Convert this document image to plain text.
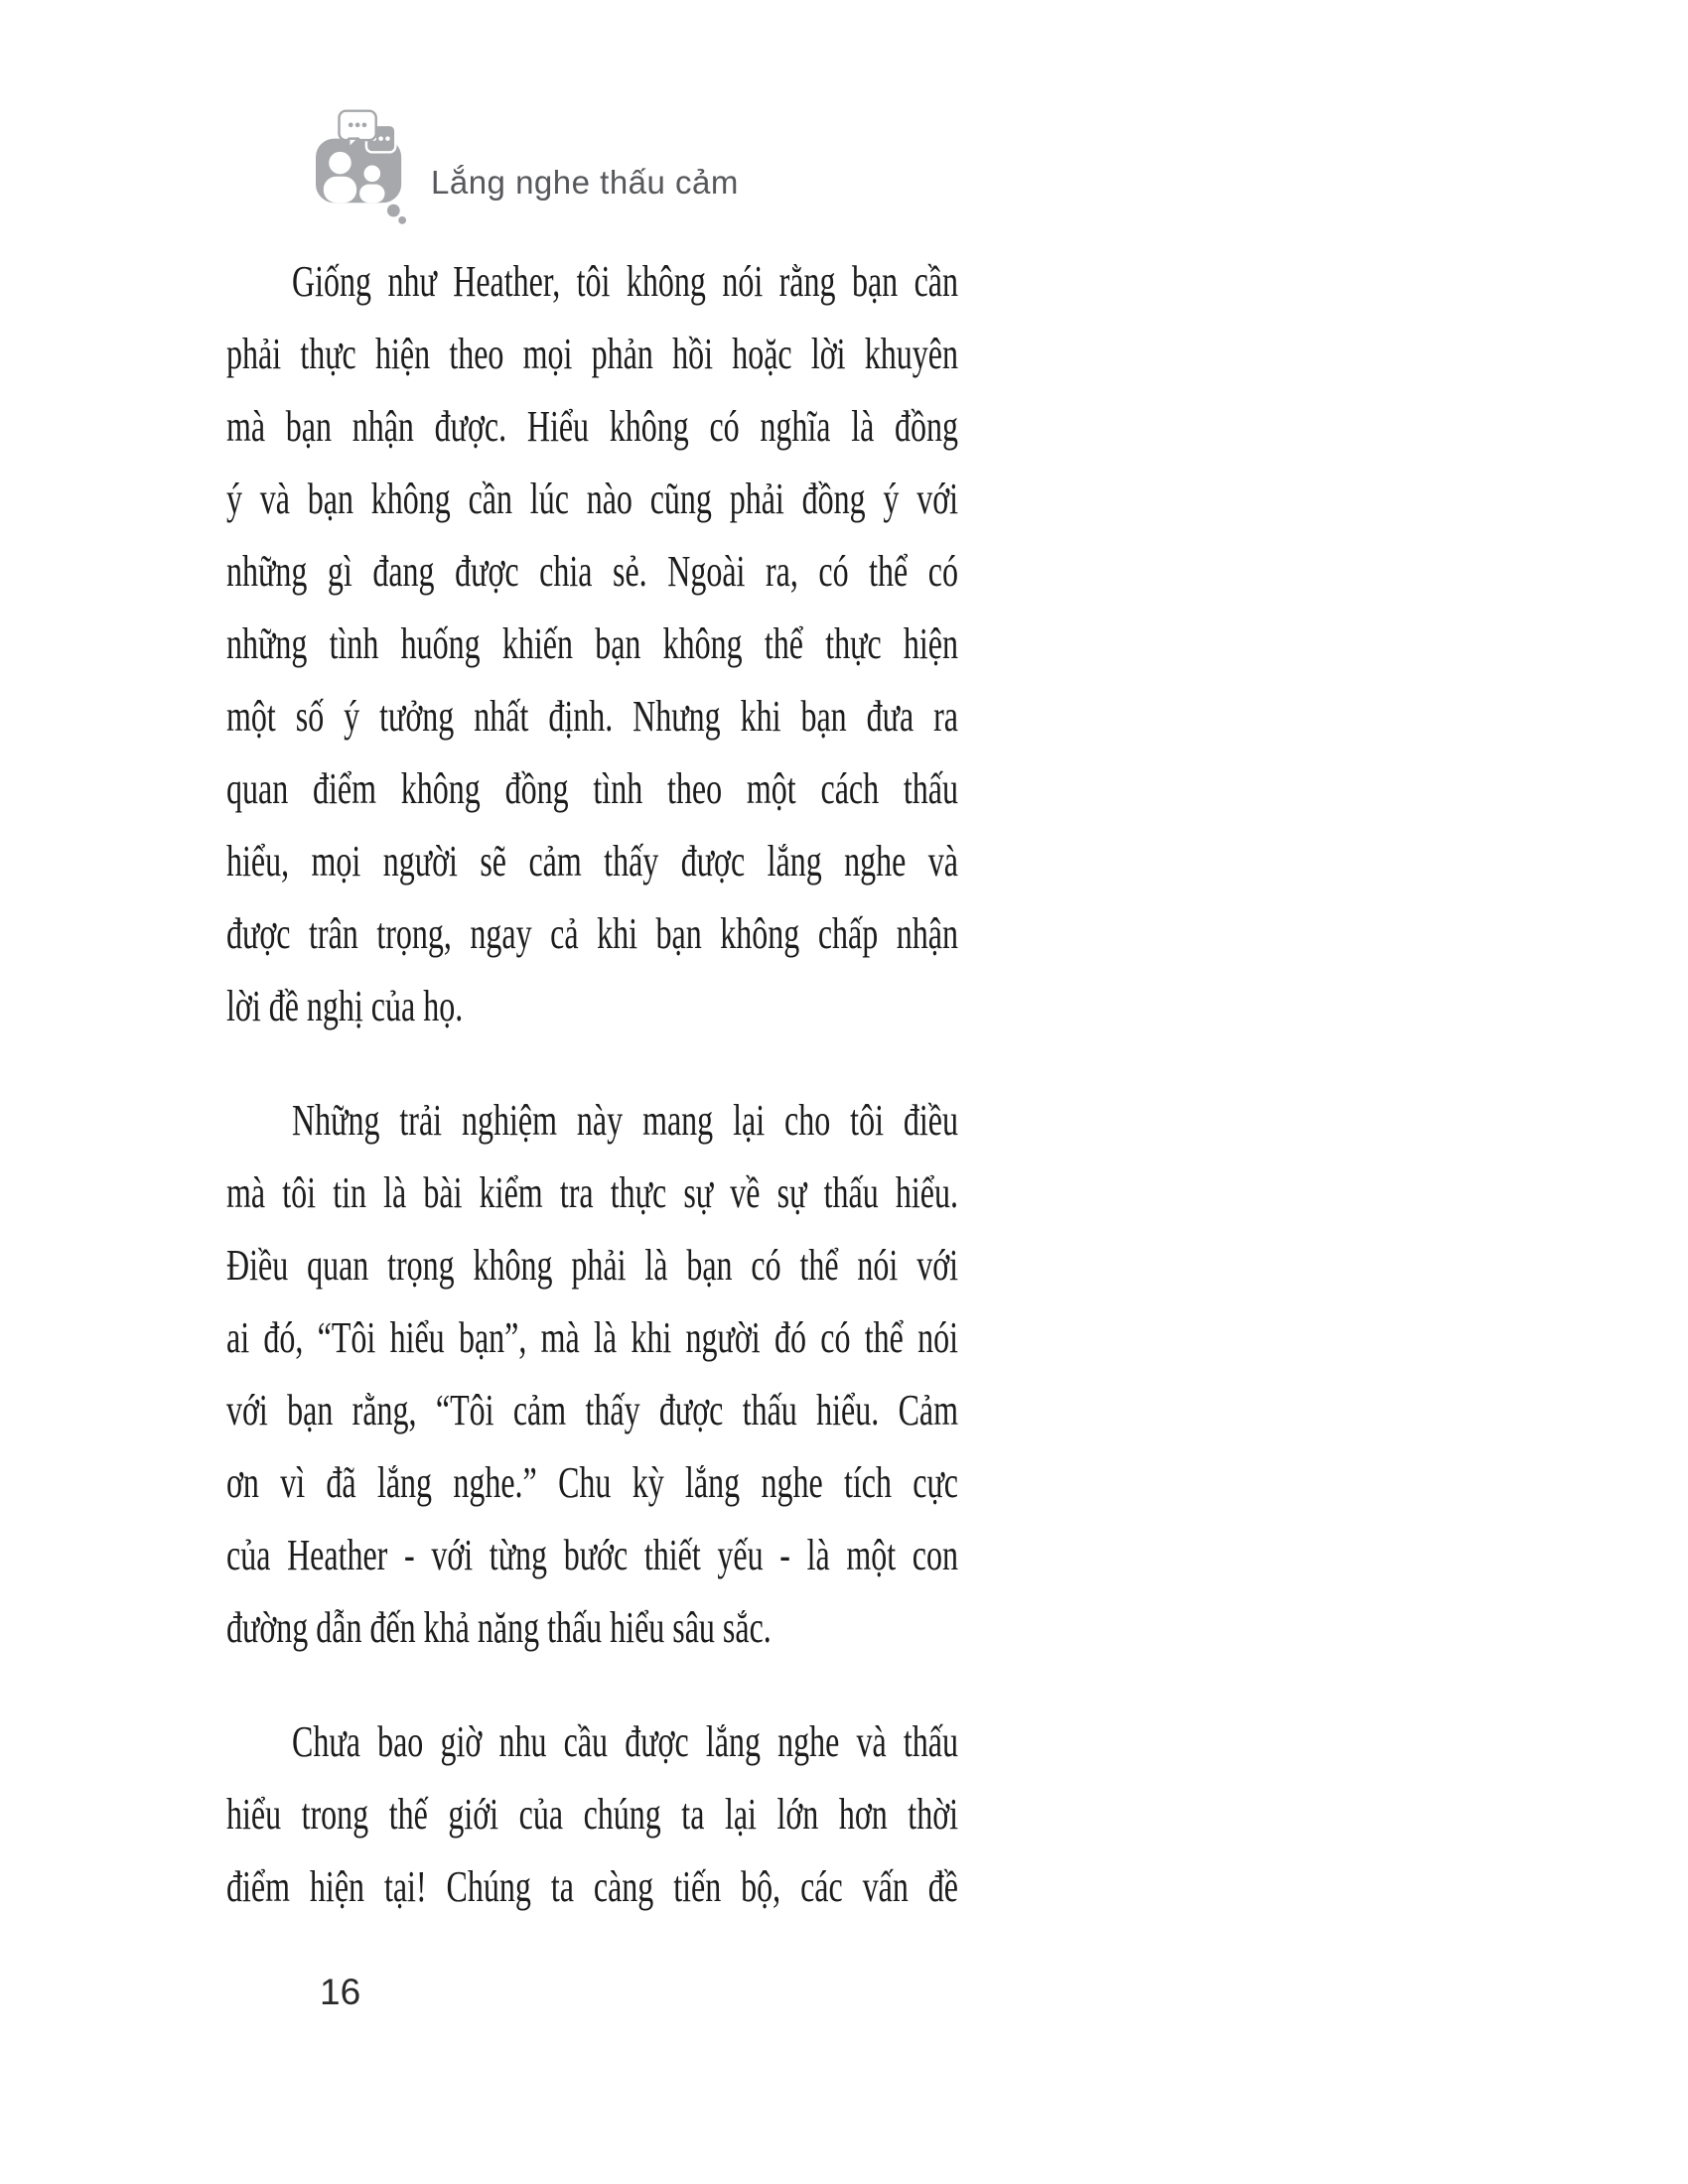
Lắng nghe thấu cảm
Giống như Heather, tôi không nói rằng bạn cần
phải thực hiện theo mọi phản hồi hoặc lời khuyên
mà bạn nhận được. Hiểu không có nghĩa là đồng
ý và bạn không cần lúc nào cũng phải đồng ý với
những gì đang được chia sẻ. Ngoài ra, có thể có
những tình huống khiến bạn không thể thực hiện
một số ý tưởng nhất định. Nhưng khi bạn đưa ra
quan điểm không đồng tình theo một cách thấu
hiểu, mọi người sẽ cảm thấy được lắng nghe và
được trân trọng, ngay cả khi bạn không chấp nhận
lời đề nghị của họ.
Những trải nghiệm này mang lại cho tôi điều
mà tôi tin là bài kiểm tra thực sự về sự thấu hiểu.
Điều quan trọng không phải là bạn có thể nói với
ai đó, “Tôi hiểu bạn”, mà là khi người đó có thể nói
với bạn rằng, “Tôi cảm thấy được thấu hiểu. Cảm
ơn vì đã lắng nghe.” Chu kỳ lắng nghe tích cực
của Heather - với từng bước thiết yếu - là một con
đường dẫn đến khả năng thấu hiểu sâu sắc.
Chưa bao giờ nhu cầu được lắng nghe và thấu
hiểu trong thế giới của chúng ta lại lớn hơn thời
điểm hiện tại! Chúng ta càng tiến bộ, các vấn đề
16
